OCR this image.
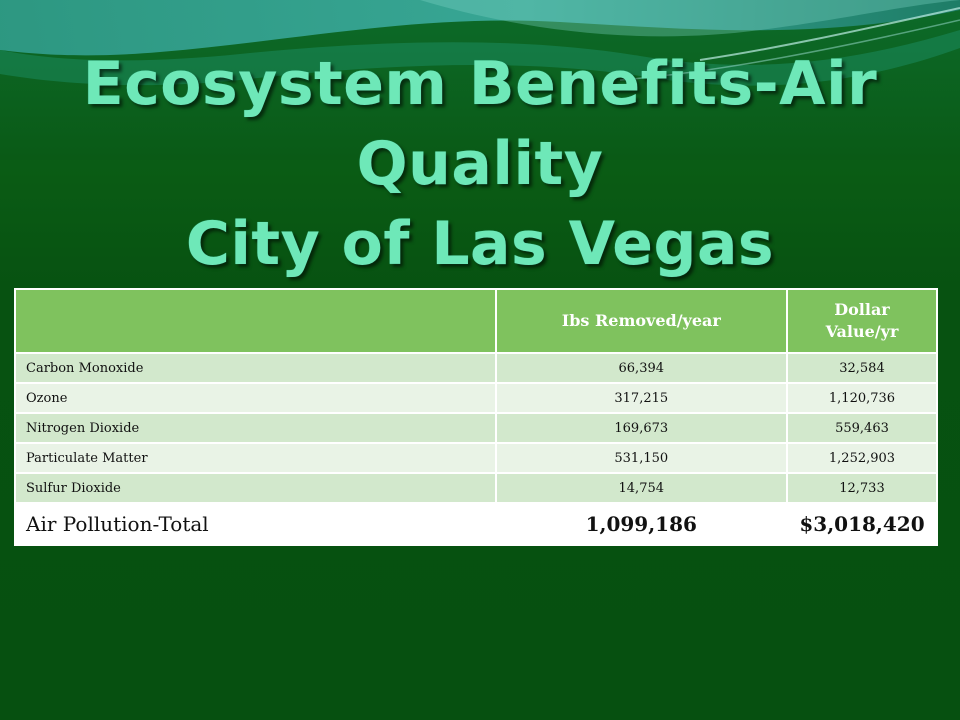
Ecosystem Benefits-Air Quality
City of Las Vegas
	Ibs Removed/year	Dollar Value/yr
Carbon Monoxide	66,394	32,584
Ozone	317,215	1,120,736
Nitrogen Dioxide	169,673	559,463
Particulate Matter	531,150	1,252,903
Sulfur Dioxide	14,754	12,733
Air Pollution-Total	1,099,186	$3,018,420
